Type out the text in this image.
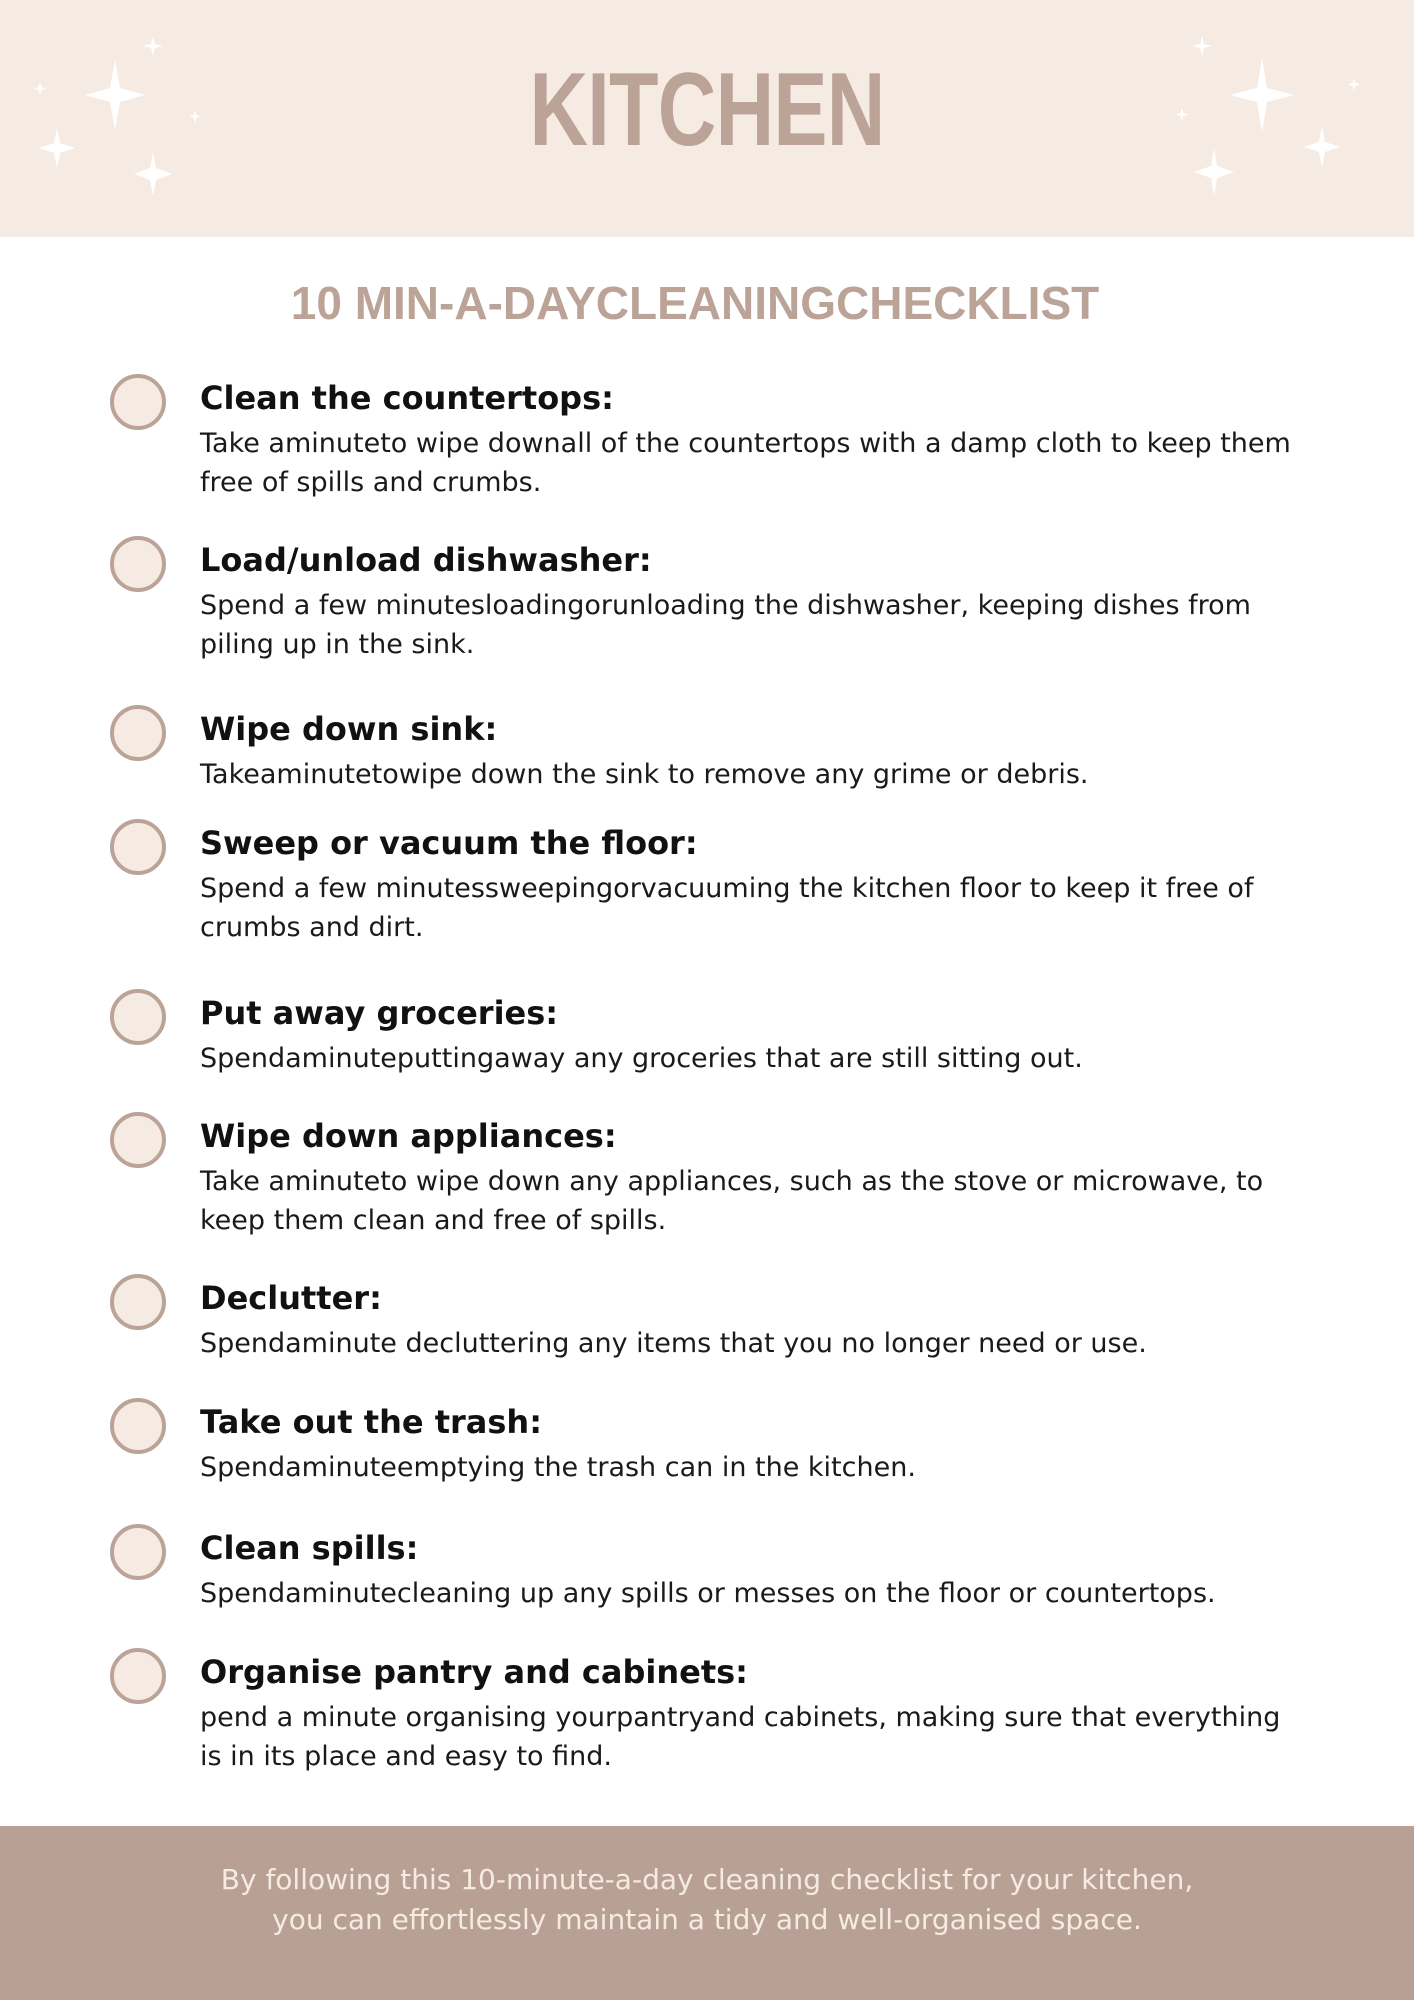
KITCHEN
10 MIN-A-DAYCLEANINGCHECKLIST
Clean the countertops:
Take aminuteto wipe downall of the countertops with a damp cloth to keep them free of spills and crumbs.
Load/unload dishwasher:
Spend a few minutesloadingorunloading the dishwasher, keeping dishes from piling up in the sink.
Wipe down sink:
Takeaminutetowipe down the sink to remove any grime or debris.
Sweep or vacuum the floor:
Spend a few minutessweepingorvacuuming the kitchen floor to keep it free of crumbs and dirt.
Put away groceries:
Spendaminuteputtingaway any groceries that are still sitting out.
Wipe down appliances:
Take aminuteto wipe down any appliances, such as the stove or microwave, to keep them clean and free of spills.
Declutter:
Spendaminute decluttering any items that you no longer need or use.
Take out the trash:
Spendaminuteemptying the trash can in the kitchen.
Clean spills:
Spendaminutecleaning up any spills or messes on the floor or countertops.
Organise pantry and cabinets:
pend a minute organising yourpantryand cabinets, making sure that everything is in its place and easy to find.
By following this 10-minute-a-day cleaning checklist for your kitchen,
you can effortlessly maintain a tidy and well-organised space.
